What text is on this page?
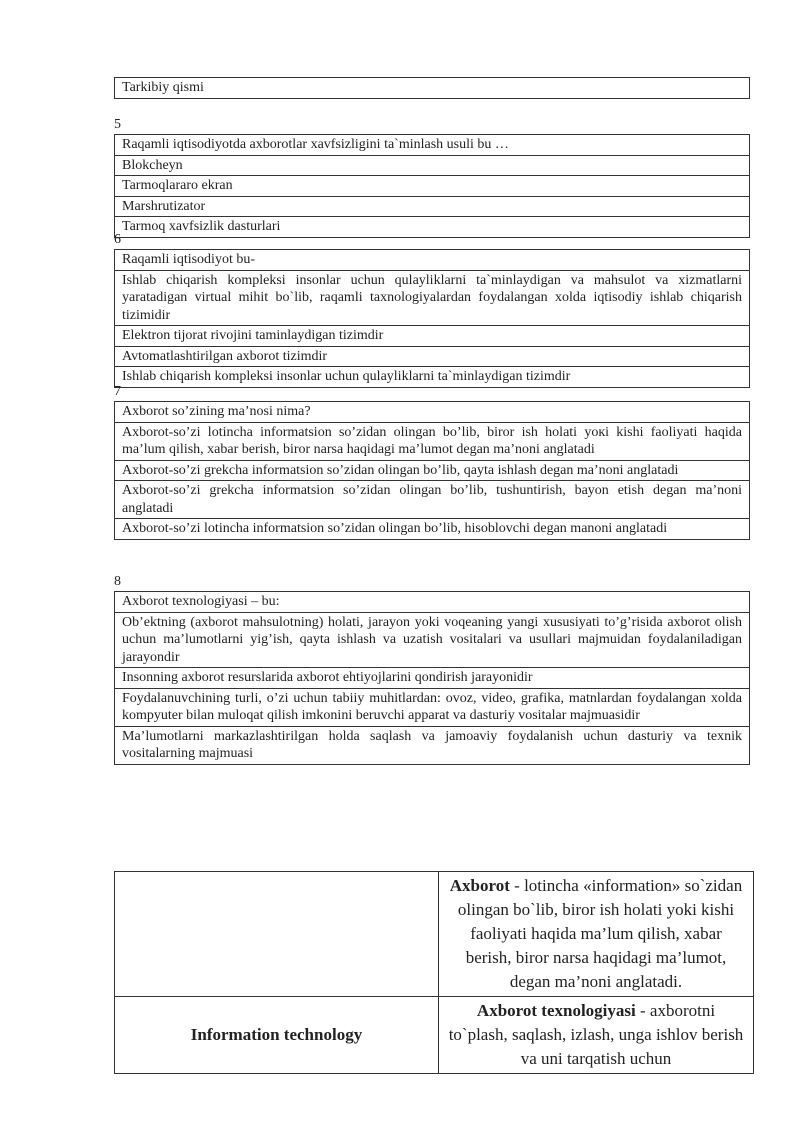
Tarkibiy qismi
5
Raqamli iqtisodiyotda axborotlar xavfsizligini ta`minlash usuli bu …
Blokcheyn
Tarmoqlararo ekran
Marshrutizator
Tarmoq xavfsizlik dasturlari
6
Raqamli iqtisodiyot bu-
Ishlab chiqarish kompleksi insonlar uchun qulayliklarni ta`minlaydigan va mahsulot va xizmatlarni yaratadigan virtual mihit bo`lib, raqamli taxnologiyalardan foydalangan xolda iqtisodiy ishlab chiqarish tizimidir
Elektron tijorat rivojini taminlaydigan tizimdir
Avtomatlashtirilgan axborot tizimdir
Ishlab chiqarish kompleksi insonlar uchun qulayliklarni ta`minlaydigan tizimdir
7
Axborot so’zining ma’nosi nima?
Axborot-so’zi lotincha informatsion so’zidan olingan bo’lib, biror ish holati yoкi kishi faoliyati haqida ma’lum qilish, xabar berish, biror narsa haqidagi ma’lumot degan ma’noni anglatadi
Axborot-so’zi grekcha informatsion so’zidan olingan bo’lib, qayta ishlash degan ma’noni anglatadi
Axborot-so’zi grekcha informatsion so’zidan olingan bo’lib, tushuntirish, bayon etish degan ma’noni anglatadi
Axborot-so’zi lotincha informatsion so’zidan olingan bo’lib, hisoblovchi degan manoni anglatadi
8
Axborot texnologiyasi – bu:
Ob’ektning (axborot mahsulotning) holati, jarayon yoki voqeaning yangi xususiyati to’g’risida axborot olish uchun ma’lumotlarni yig’ish, qayta ishlash va uzatish vositalari va usullari majmuidan foydalaniladigan jarayondir
Insonning axborot resurslarida axborot ehtiyojlarini qondirish jarayonidir
Foydalanuvchining turli, o’zi uchun tabiiy muhitlardan: ovoz, video, grafika, matnlardan foydalangan xolda kompyuter bilan muloqat qilish imkonini beruvchi apparat va dasturiy vositalar majmuasidir
Ma’lumotlarni markazlashtirilgan holda saqlash va jamoaviy foydalanish uchun dasturiy va texnik vositalarning majmuasi
	Axborot - lotincha «information» so`zidan olingan bo`lib, biror ish holati yoki kishi faoliyati haqida ma’lum qilish, xabar berish, biror narsa haqidagi ma’lumot, degan ma’noni anglatadi.
Information technology	Axborot texnologiyasi - axborotni to`plash, saqlash, izlash, unga ishlov berish va uni tarqatish uchun
